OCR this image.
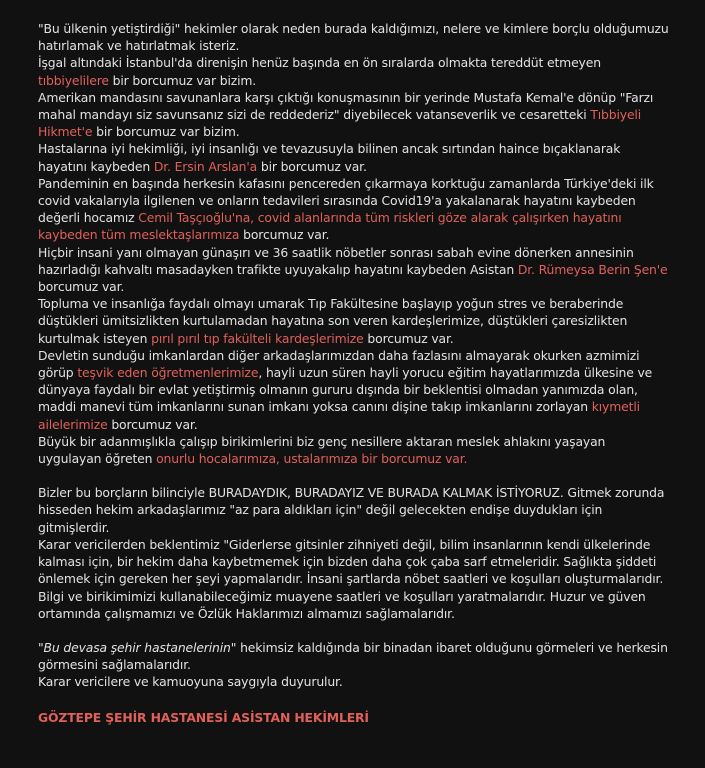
"Bu ülkenin yetiştirdiği" hekimler olarak neden burada kaldığımızı, nelere ve kimlere borçlu olduğumuzu hatırlamak ve hatırlatmak isteriz.

İşgal altındaki İstanbul'da direnişin henüz başında en ön sıralarda olmakta tereddüt etmeyen tıbbiyelilere bir borcumuz var bizim.

Amerikan mandasını savunanlara karşı çıktığı konuşmasının bir yerinde Mustafa Kemal'e dönüp "Farzı mahal mandayı siz savunsanız sizi de reddederiz" diyebilecek vatanseverlik ve cesaretteki Tıbbiyeli Hikmet'e bir borcumuz var bizim.

Hastalarına iyi hekimliği, iyi insanlığı ve tevazusuyla bilinen ancak sırtından haince bıçaklanarak hayatını kaybeden Dr. Ersin Arslan'a bir borcumuz var.

Pandeminin en başında herkesin kafasını pencereden çıkarmaya korktuğu zamanlarda Türkiye'deki ilk covid vakalarıyla ilgilenen ve onların tedavileri sırasında Covid19'a yakalanarak hayatını kaybeden değerli hocamız Cemil Taşçıoğlu'na, covid alanlarında tüm riskleri göze alarak çalışırken hayatını kaybeden tüm meslektaşlarımıza borcumuz var.

Hiçbir insani yanı olmayan günaşırı ve 36 saatlik nöbetler sonrası sabah evine dönerken annesinin hazırladığı kahvaltı masadayken trafikte uyuyakalıp hayatını kaybeden Asistan Dr. Rümeysa Berin Şen'e borcumuz var.

Topluma ve insanlığa faydalı olmayı umarak Tıp Fakültesine başlayıp yoğun stres ve beraberinde düştükleri ümitsizlikten kurtulamadan hayatına son veren kardeşlerimize, düştükleri çaresizlikten kurtulmak isteyen pırıl pırıl tıp fakülteli kardeşlerimize borcumuz var.

Devletin sunduğu imkanlardan diğer arkadaşlarımızdan daha fazlasını almayarak okurken azmimizi görüp teşvik eden öğretmenlerimize, hayli uzun süren hayli yorucu eğitim hayatlarımızda ülkesine ve dünyaya faydalı bir evlat yetiştirmiş olmanın gururu dışında bir beklentisi olmadan yanımızda olan, maddi manevi tüm imkanlarını sunan imkanı yoksa canını dişine takıp imkanlarını zorlayan kıymetli ailelerimize borcumuz var.

Büyük bir adanmışlıkla çalışıp birikimlerini biz genç nesillere aktaran meslek ahlakını yaşayan uygulayan öğreten onurlu hocalarımıza, ustalarımıza bir borcumuz var.

Bizler bu borçların bilinciyle BURADAYDIK, BURADAYIZ VE BURADA KALMAK İSTİYORUZ. Gitmek zorunda hisseden hekim arkadaşlarımız "az para aldıkları için" değil gelecekten endişe duydukları için gitmişlerdir.

Karar vericilerden beklentimiz "Giderlerse gitsinler zihniyeti değil, bilim insanlarının kendi ülkelerinde kalması için, bir hekim daha kaybetmemek için bizden daha çok çaba sarf etmeleridir. Sağlıkta şiddeti önlemek için gereken her şeyi yapmalarıdır. İnsani şartlarda nöbet saatleri ve koşulları oluşturmalarıdır. Bilgi ve birikimimizi kullanabileceğimiz muayene saatleri ve koşulları yaratmalarıdır. Huzur ve güven ortamında çalışmamızı ve Özlük Haklarımızı almamızı sağlamalarıdır.

"Bu devasa şehir hastanelerinin" hekimsiz kaldığında bir binadan ibaret olduğunu görmeleri ve herkesin görmesini sağlamalarıdır.

Karar vericilere ve kamuoyuna saygıyla duyurulur.

GÖZTEPE ŞEHİR HASTANESİ ASİSTAN HEKİMLERİ
